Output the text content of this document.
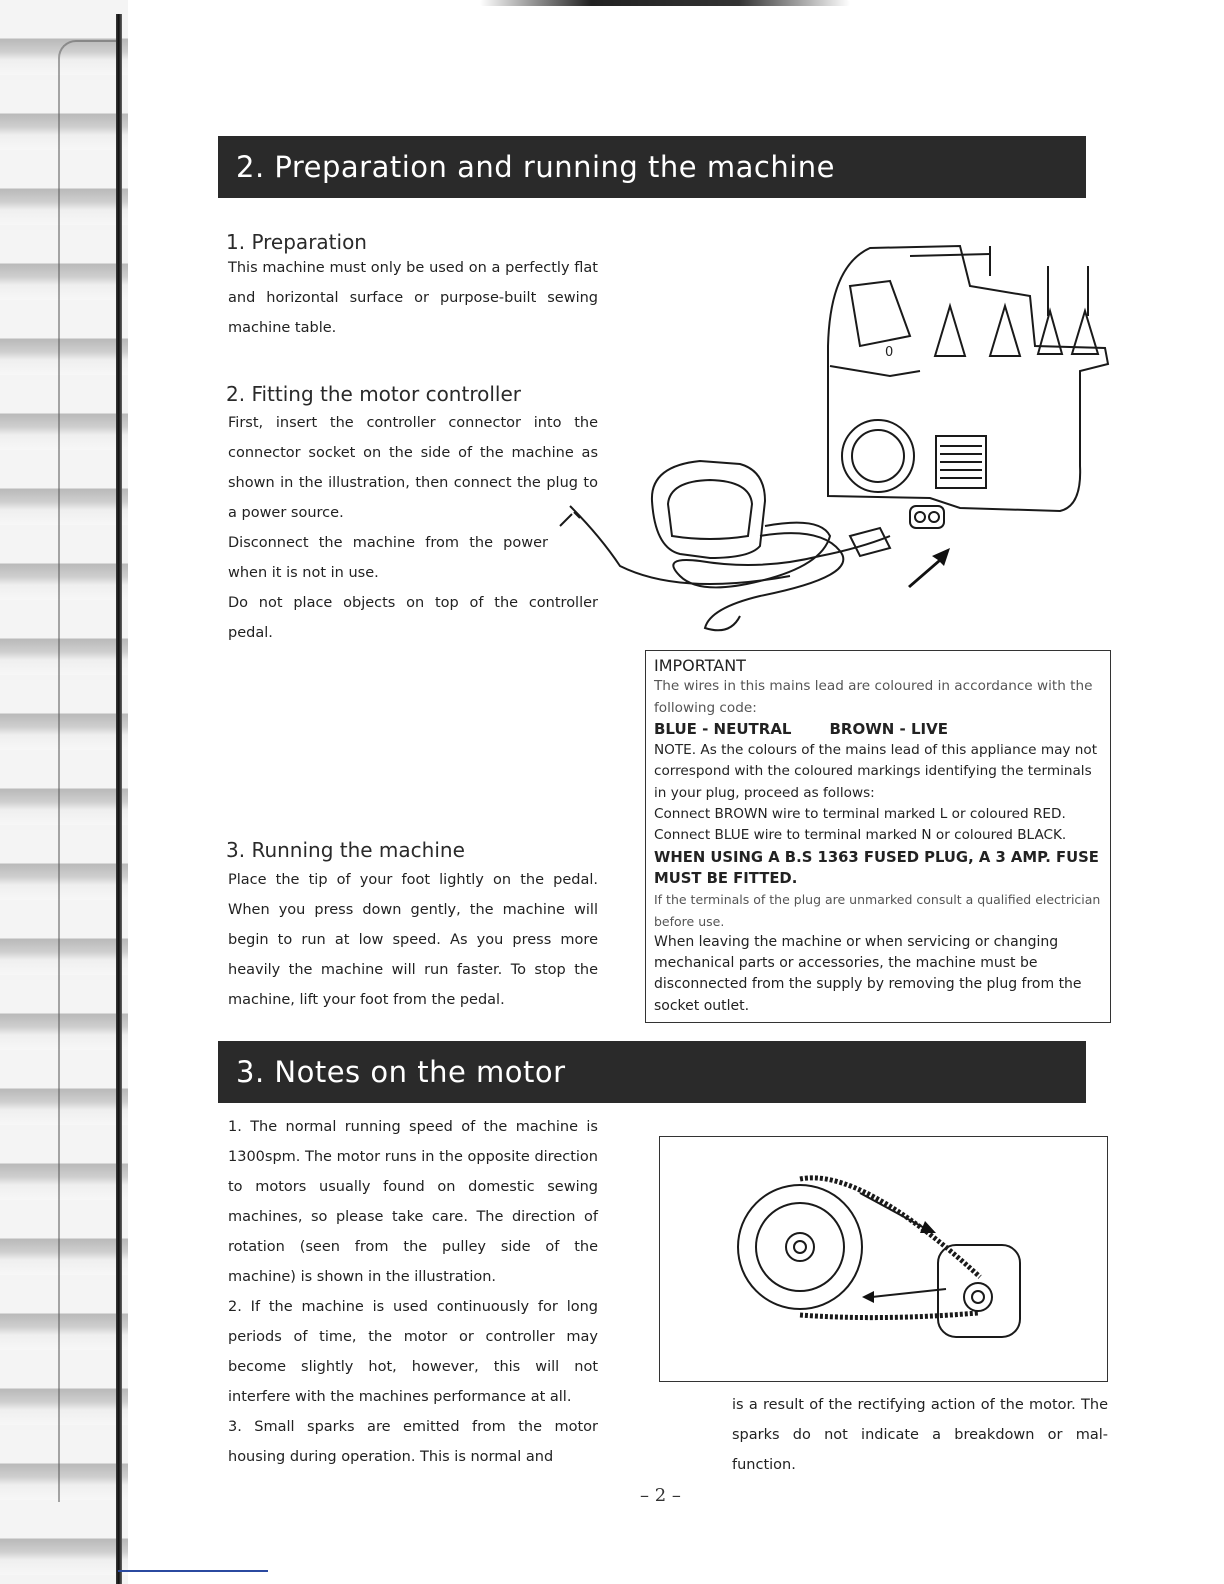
2. Preparation and running the machine
1. Preparation

This machine must only be used on a perfectly flat and horizontal surface or purpose-built sewing machine table.

2. Fitting the motor controller

First, insert the controller connector into the connector socket on the side of the machine as shown in the illustration, then connect the plug to a power source.

Disconnect the machine from the power when it is not in use.

Do not place objects on top of the controller pedal.

3. Running the machine

Place the tip of your foot lightly on the pedal. When you press down gently, the machine will begin to run at low speed. As you press more heavily the machine will run faster. To stop the machine, lift your foot from the pedal.

0
IMPORTANT
The wires in this mains lead are coloured in accordance with the following code:
BLUE - NEUTRAL	BROWN - LIVE
NOTE. As the colours of the mains lead of this appliance may not correspond with the coloured markings identifying the terminals in your plug, proceed as follows:
Connect BROWN wire to terminal marked L or coloured RED.
Connect BLUE wire to terminal marked N or coloured BLACK.
WHEN USING A B.S 1363 FUSED PLUG, A 3 AMP. FUSE MUST BE FITTED.
If the terminals of the plug are unmarked consult a qualified electrician before use.
When leaving the machine or when servicing or changing mechanical parts or accessories, the machine must be disconnected from the supply by removing the plug from the socket outlet.
3. Notes on the motor

1. The normal running speed of the machine is 1300spm. The motor runs in the opposite direction to motors usually found on domestic sewing machines, so please take care. The direction of rotation (seen from the pulley side of the machine) is shown in the illustration.

2. If the machine is used continuously for long periods of time, the motor or controller may become slightly hot, however, this will not interfere with the machines performance at all.

3. Small sparks are emitted from the motor housing during operation. This is normal and

is a result of the rectifying action of the motor. The sparks do not indicate a breakdown or mal-function.
– 2 –
